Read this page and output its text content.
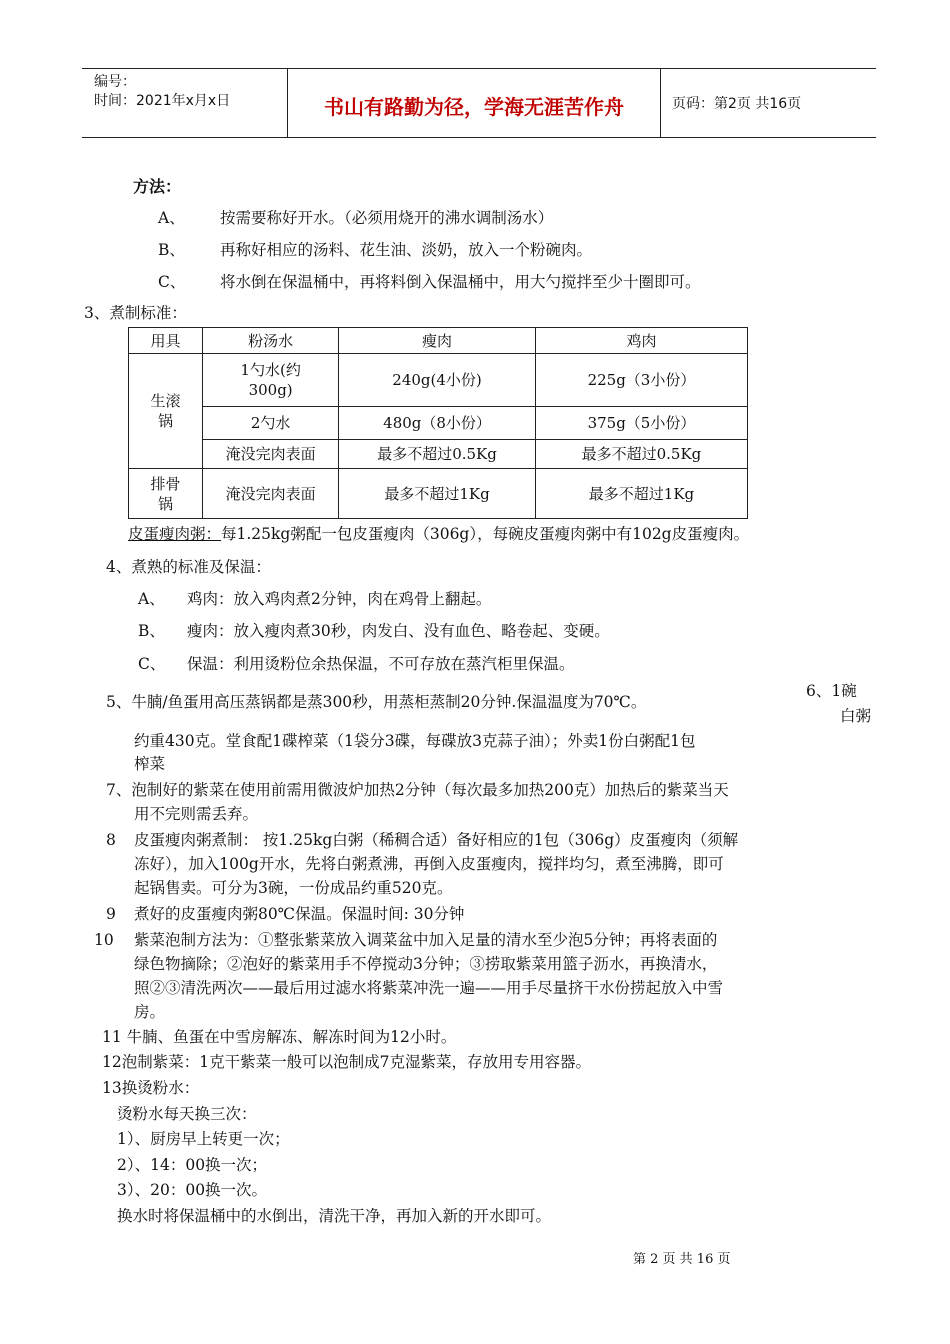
编号：
时间：2021年x月x日	书山有路勤为径，学海无涯苦作舟	页码：第2页 共16页
方法：
A、 按需要称好开水。（必须用烧开的沸水调制汤水）
B、 再称好相应的汤料、花生油、淡奶，放入一个粉碗肉。
C、 将水倒在保温桶中，再将料倒入保温桶中，用大勺搅拌至少十圈即可。
3、煮制标准：
用具	粉汤水	瘦肉	鸡肉

生滚锅	1勺水(约300g)	240g(4小份)	225g（3小份）
	2勺水	480g（8小份）	375g（5小份）
	淹没完肉表面	最多不超过0.5Kg	最多不超过0.5Kg

排骨锅	淹没完肉表面	最多不超过1Kg	最多不超过1Kg
皮蛋瘦肉粥：每1.25kg粥配一包皮蛋瘦肉（306g），每碗皮蛋瘦肉粥中有102g皮蛋瘦肉。
4、煮熟的标准及保温：
A、 鸡肉：放入鸡肉煮2分钟，肉在鸡骨上翻起。
B、 瘦肉：放入瘦肉煮30秒，肉发白、没有血色、略卷起、变硬。
C、 保温：利用烫粉位余热保温，不可存放在蒸汽柜里保温。
5、牛腩/鱼蛋用高压蒸锅都是蒸300秒，用蒸柜蒸制20分钟.保温温度为70℃。
6、1碗
白粥
约重430克。堂食配1碟榨菜（1袋分3碟，每碟放3克蒜子油）；外卖1份白粥配1包
榨菜
7、泡制好的紫菜在使用前需用微波炉加热2分钟（每次最多加热200克）加热后的紫菜当天
用不完则需丢弃。
8 皮蛋瘦肉粥煮制： 按1.25kg白粥（稀稠合适）备好相应的1包（306g）皮蛋瘦肉（须解
冻好），加入100g开水，先将白粥煮沸，再倒入皮蛋瘦肉，搅拌均匀，煮至沸腾，即可
起锅售卖。可分为3碗，一份成品约重520克。
9 煮好的皮蛋瘦肉粥80℃保温。保温时间: 30分钟
10 紫菜泡制方法为：①整张紫菜放入调菜盆中加入足量的清水至少泡5分钟；再将表面的
绿色物摘除；②泡好的紫菜用手不停搅动3分钟；③捞取紫菜用篮子沥水，再换清水，
照②③清洗两次——最后用过滤水将紫菜冲洗一遍——用手尽量挤干水份捞起放入中雪
房。
11 牛腩、鱼蛋在中雪房解冻、解冻时间为12小时。
12泡制紫菜：1克干紫菜一般可以泡制成7克湿紫菜，存放用专用容器。
13换烫粉水：
烫粉水每天换三次：
1）、厨房早上转更一次；
2）、14：00换一次；
3）、20：00换一次。
换水时将保温桶中的水倒出，清洗干净，再加入新的开水即可。
第 2 页 共 16 页
